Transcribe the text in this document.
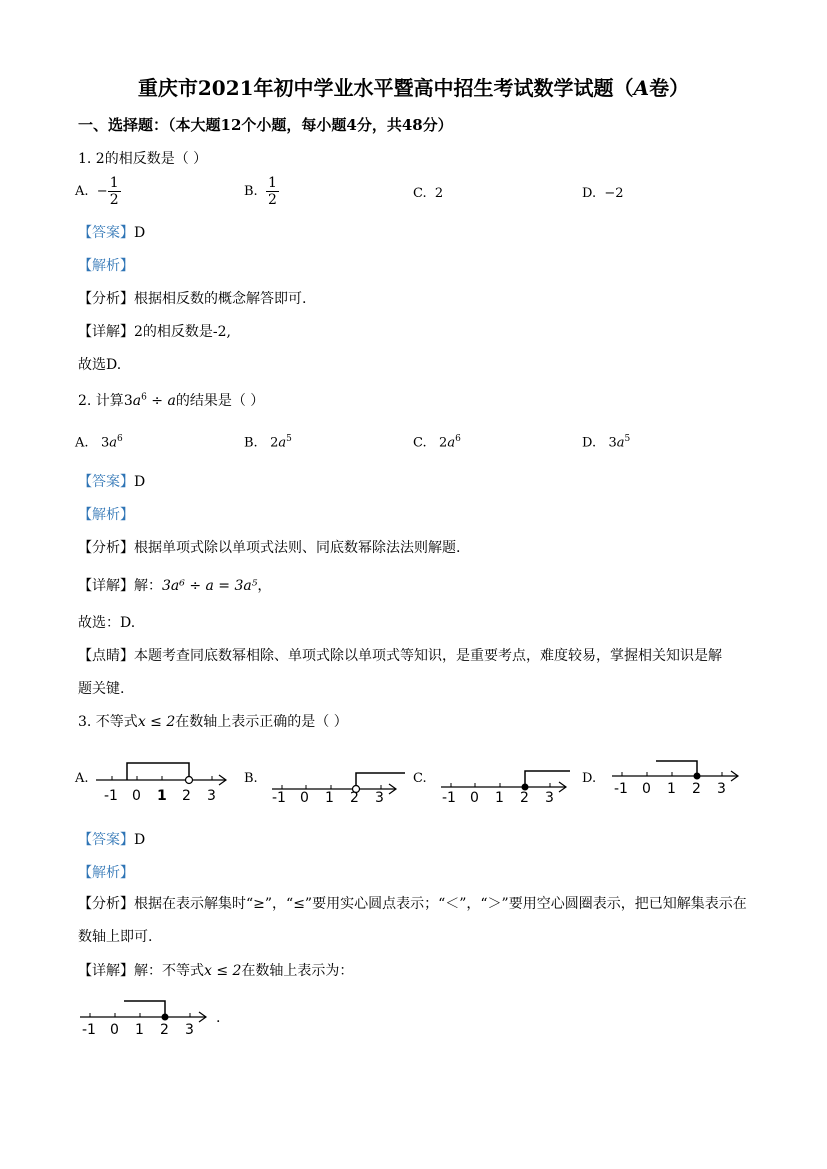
重庆市2021年初中学业水平暨高中招生考试数学试题（A卷）
一、选择题：（本大题12个小题，每小题4分，共48分）
1. 2的相反数是（ ）
A. − $\frac{1}{2}$	B. $\frac{1}{2}$	C. 2	D. −2
【答案】D
【解析】
【分析】根据相反数的概念解答即可.
【详解】2的相反数是-2,
故选D.
2. 计算$3a^6 \div a$的结果是（ ）
A. $3a^6$	B. $2a^5$	C. $2a^6$	D. $3a^5$
【答案】D
【解析】
【分析】根据单项式除以单项式法则、同底数幂除法法则解题.
【详解】解：3a⁶ ÷ a = 3a⁵，
故选：D.
【点睛】本题考查同底数幂相除、单项式除以单项式等知识，是重要考点，难度较易，掌握相关知识是解
题关键.
3. 不等式x ≤ 2在数轴上表示正确的是（ ）
A.	B.	C.	D.
-1 0 1 2 3	-1 0 1 2 3	-1 0 1 2 3
-1 0 1 2 3
-1 0 1 2 3
【答案】D
【解析】
【分析】根据在表示解集时“≥”，“≤”要用实心圆点表示；“＜”，“＞”要用空心圆圈表示，把已知解集表示在
数轴上即可.
【详解】解：不等式x ≤ 2在数轴上表示为：
.
